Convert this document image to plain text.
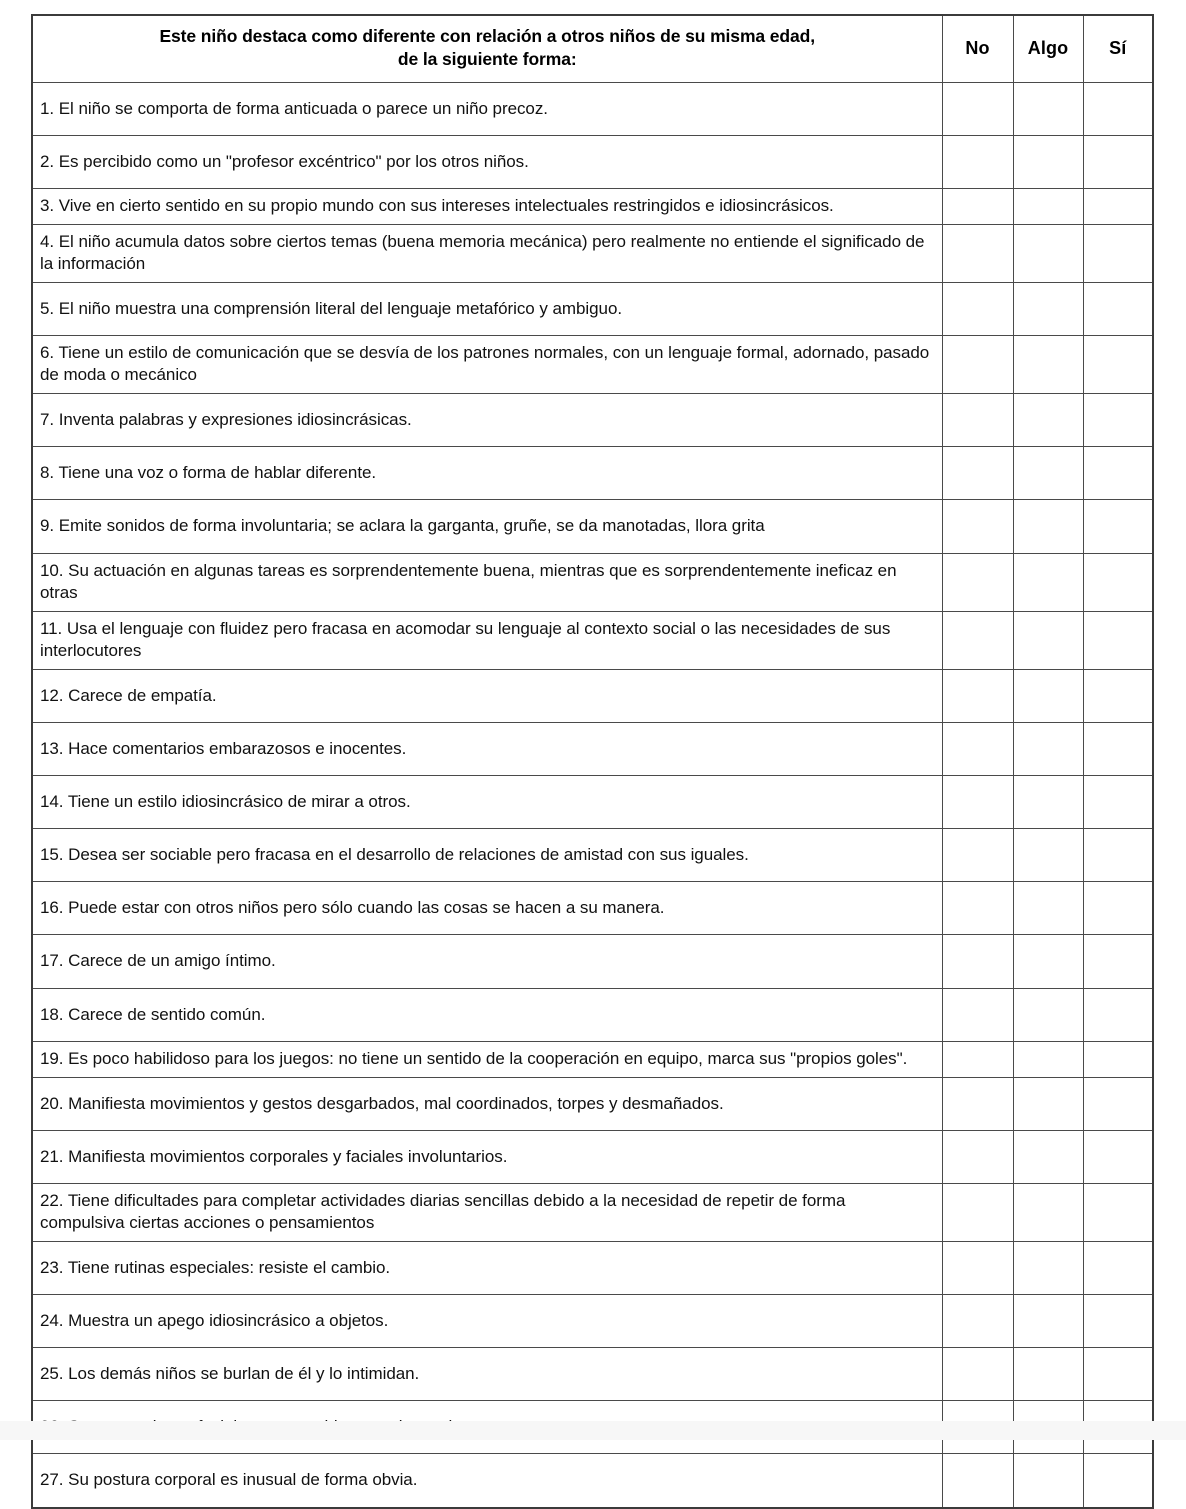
Este niño destaca como diferente con relación a otros niños de su misma edad,
de la siguiente forma:	No	Algo	Sí
1. El niño se comporta de forma anticuada o parece un niño precoz.			
2. Es percibido como un "profesor excéntrico" por los otros niños.			
3. Vive en cierto sentido en su propio mundo con sus intereses intelectuales restringidos e idiosincrásicos.			
4. El niño acumula datos sobre ciertos temas (buena memoria mecánica) pero realmente no entiende el significado de la información			
5. El niño muestra una comprensión literal del lenguaje metafórico y ambiguo.			
6. Tiene un estilo de comunicación que se desvía de los patrones normales, con un lenguaje formal, adornado, pasado de moda o mecánico			
7. Inventa palabras y expresiones idiosincrásicas.			
8. Tiene una voz o forma de hablar diferente.			
9. Emite sonidos de forma involuntaria; se aclara la garganta, gruñe, se da manotadas, llora grita			
10. Su actuación en algunas tareas es sorprendentemente buena, mientras que es sorprendentemente ineficaz en otras			
11. Usa el lenguaje con fluidez pero fracasa en acomodar su lenguaje al contexto social o las necesidades de sus interlocutores			
12. Carece de empatía.			
13. Hace comentarios embarazosos e inocentes.			
14. Tiene un estilo idiosincrásico de mirar a otros.			
15. Desea ser sociable pero fracasa en el desarrollo de relaciones de amistad con sus iguales.			
16. Puede estar con otros niños pero sólo cuando las cosas se hacen a su manera.			
17. Carece de un amigo íntimo.			
18. Carece de sentido común.			
19. Es poco habilidoso para los juegos: no tiene un sentido de la cooperación en equipo, marca sus "propios goles".			
20. Manifiesta movimientos y gestos desgarbados, mal coordinados, torpes y desmañados.			
21. Manifiesta movimientos corporales y faciales involuntarios.			
22. Tiene dificultades para completar actividades diarias sencillas debido a la necesidad de repetir de forma compulsiva ciertas acciones o pensamientos			
23. Tiene rutinas especiales: resiste el cambio.			
24. Muestra un apego idiosincrásico a objetos.			
25. Los demás niños se burlan de él y lo intimidan.			

27. Su postura corporal es inusual de forma obvia.			
